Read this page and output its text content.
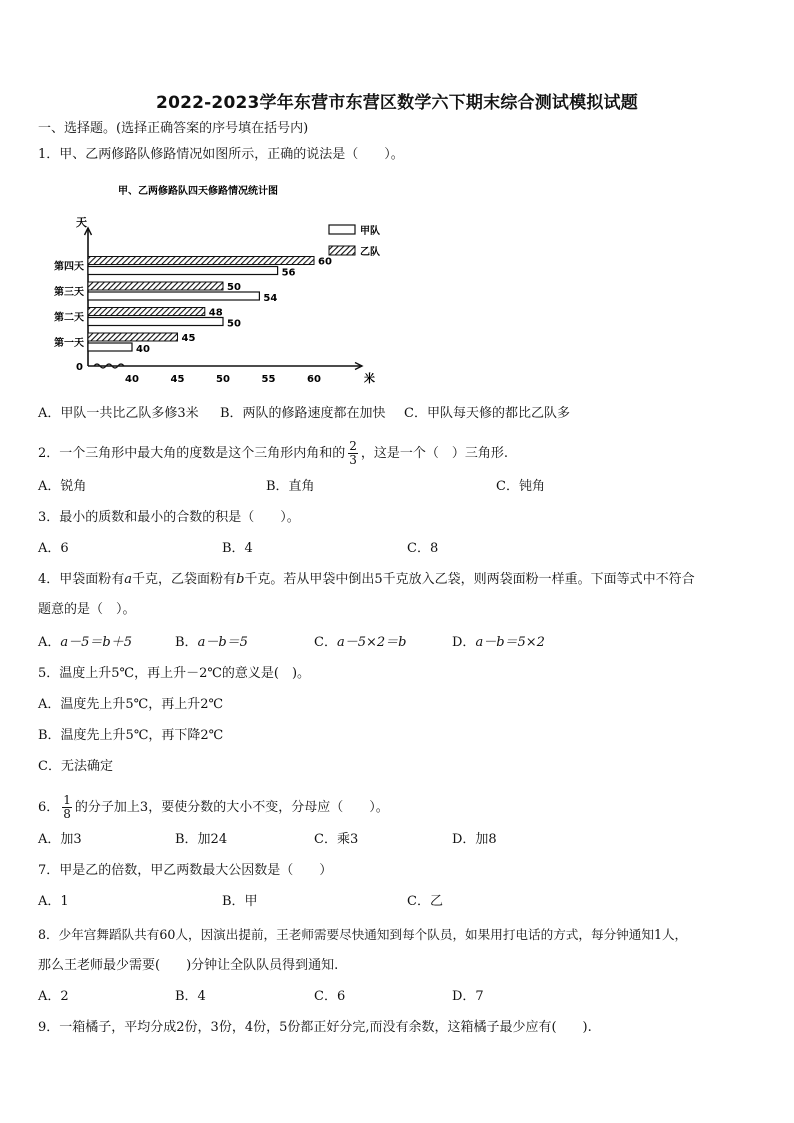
2022-2023学年东营市东营区数学六下期末综合测试模拟试题
一、选择题。(选择正确答案的序号填在括号内)
1．甲、乙两修路队修路情况如图所示，正确的说法是（　　）。
甲、乙两修路队四天修路情况统计图
天
米
0
40	45	50	55	60
第一天	45
40
第二天	48
50
第三天	50
54
第四天	60
56
甲队
乙队
A．甲队一共比乙队多修3米 B．两队的修路速度都在加快 C．甲队每天修的都比乙队多
2．一个三角形中最大角的度数是这个三角形内角和的 $\frac{2}{3}$ ，这是一个（　）三角形.
A．锐角	B．直角	C．钝角
3．最小的质数和最小的合数的积是（　　）。
A．6	B．4	C．8
4．甲袋面粉有a千克，乙袋面粉有b千克。若从甲袋中倒出5千克放入乙袋，则两袋面粉一样重。下面等式中不符合
题意的是（　）。
A．a－5＝b＋5	B．a－b＝5	C．a－5×2＝b	D．a－b＝5×2
5．温度上升5℃，再上升－2℃的意义是(　)。
A．温度先上升5℃，再上升2℃
B．温度先上升5℃，再下降2℃
C．无法确定
6． $\frac{1}{8}$ 的分子加上3，要使分数的大小不变，分母应（　　）。
A．加3	B．加24	C．乘3	D．加8
7．甲是乙的倍数，甲乙两数最大公因数是（　　）
A．1	B．甲	C．乙
8．少年宫舞蹈队共有60人，因演出提前，王老师需要尽快通知到每个队员，如果用打电话的方式，每分钟通知1人，
那么王老师最少需要(　　)分钟让全队队员得到通知.
A．2	B．4	C．6	D．7
9．一箱橘子，平均分成2份，3份，4份，5份都正好分完,而没有余数，这箱橘子最少应有(　　).
